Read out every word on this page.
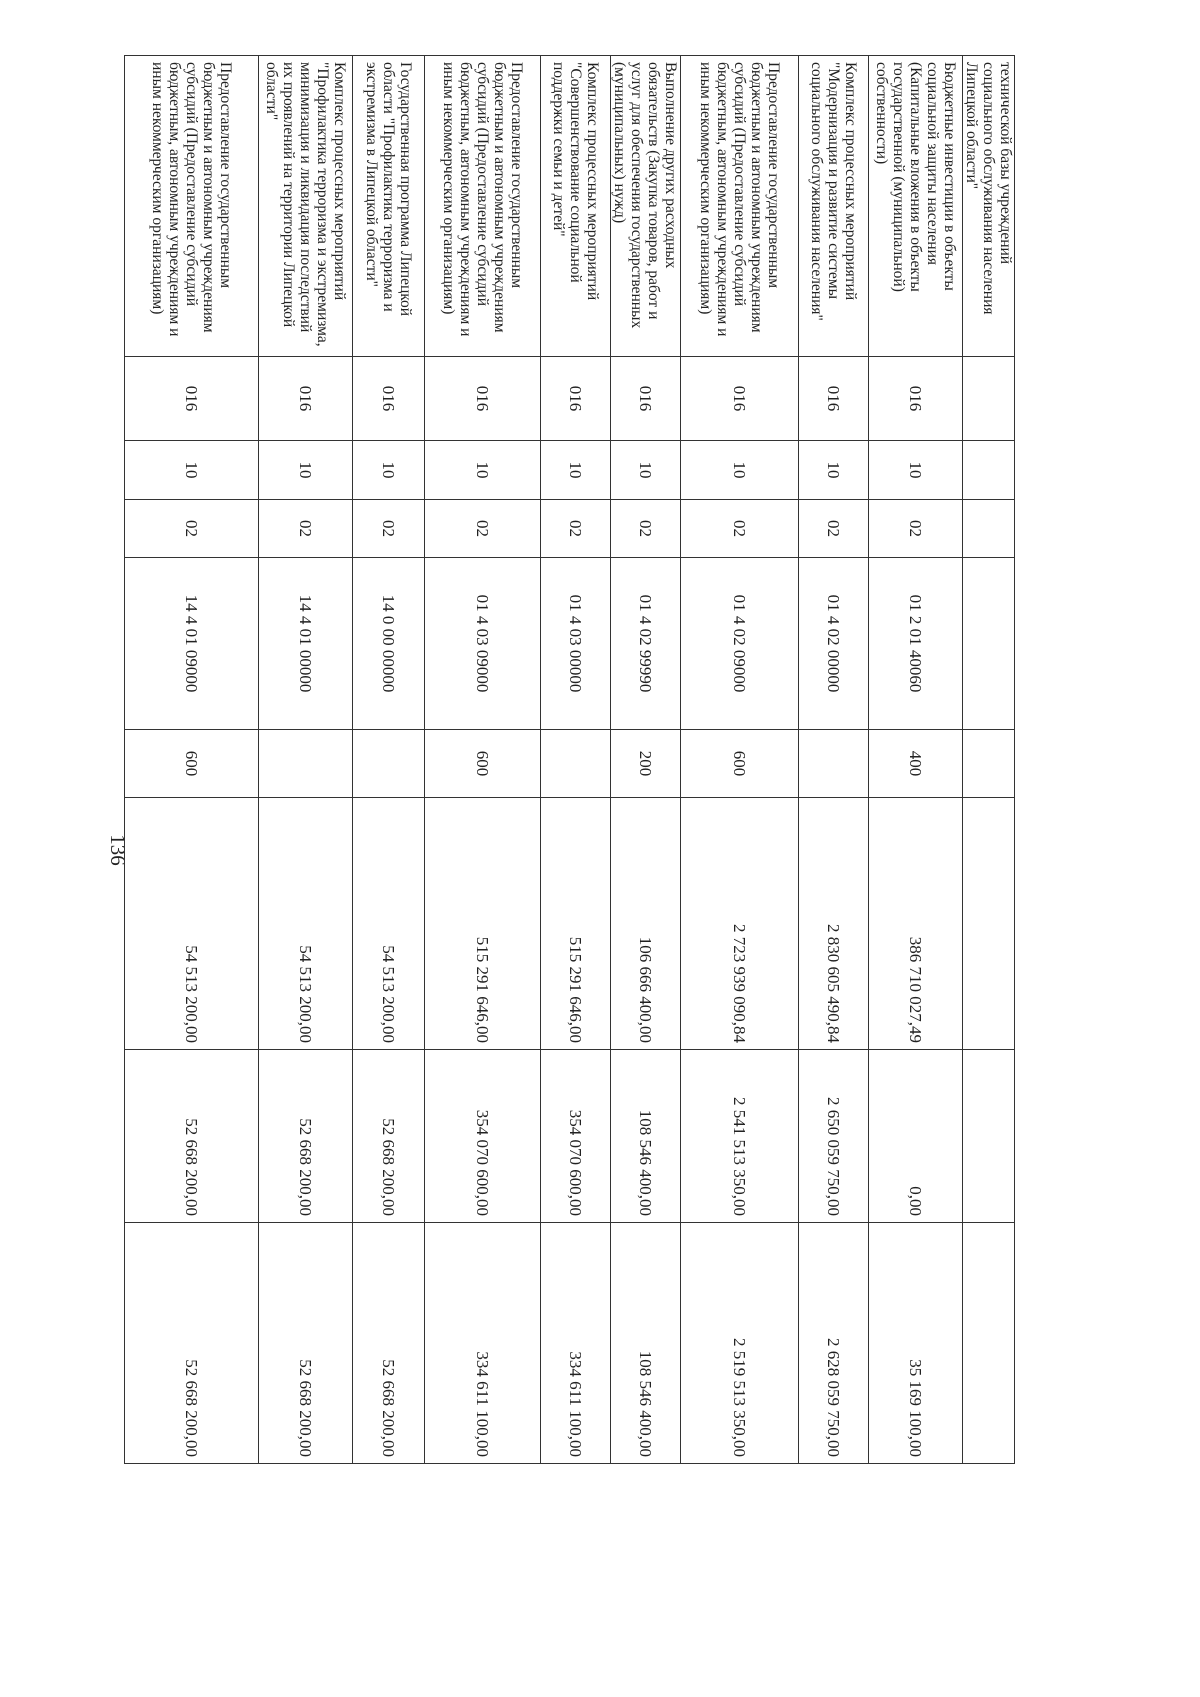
136
технической базы учреждений социального обслуживания населения Липецкой области"								
Бюджетные инвестиции в объекты социальной защиты населения (Капитальные вложения в объекты государственной (муниципальной) собственности)	016	10	02	01 2 01 40060	400	386 710 027,49	0,00	35 169 100,00
Комплекс процессных мероприятий "Модернизация и развитие системы социального обслуживания населения"	016	10	02	01 4 02 00000		2 830 605 490,84	2 650 059 750,00	2 628 059 750,00
Предоставление государственным бюджетным и автономным учреждениям субсидий (Предоставление субсидий бюджетным, автономным учреждениям и иным некоммерческим организациям)	016	10	02	01 4 02 09000	600	2 723 939 090,84	2 541 513 350,00	2 519 513 350,00
Выполнение других расходных обязательств (Закупка товаров, работ и услуг для обеспечения государственных (муниципальных) нужд)	016	10	02	01 4 02 99990	200	106 666 400,00	108 546 400,00	108 546 400,00
Комплекс процессных мероприятий "Совершенствование социальной поддержки семьи и детей"	016	10	02	01 4 03 00000		515 291 646,00	354 070 600,00	334 611 100,00
Предоставление государственным бюджетным и автономным учреждениям субсидий (Предоставление субсидий бюджетным, автономным учреждениям и иным некоммерческим организациям)	016	10	02	01 4 03 09000	600	515 291 646,00	354 070 600,00	334 611 100,00
Государственная программа Липецкой области "Профилактика терроризма и экстремизма в Липецкой области"	016	10	02	14 0 00 00000		54 513 200,00	52 668 200,00	52 668 200,00
Комплекс процессных мероприятий "Профилактика терроризма и экстремизма, минимизация и ликвидация последствий их проявлений на территории Липецкой области"	016	10	02	14 4 01 00000		54 513 200,00	52 668 200,00	52 668 200,00
Предоставление государственным бюджетным и автономным учреждениям субсидий (Предоставление субсидий бюджетным, автономным учреждениям и иным некоммерческим организациям)	016	10	02	14 4 01 09000	600	54 513 200,00	52 668 200,00	52 668 200,00
